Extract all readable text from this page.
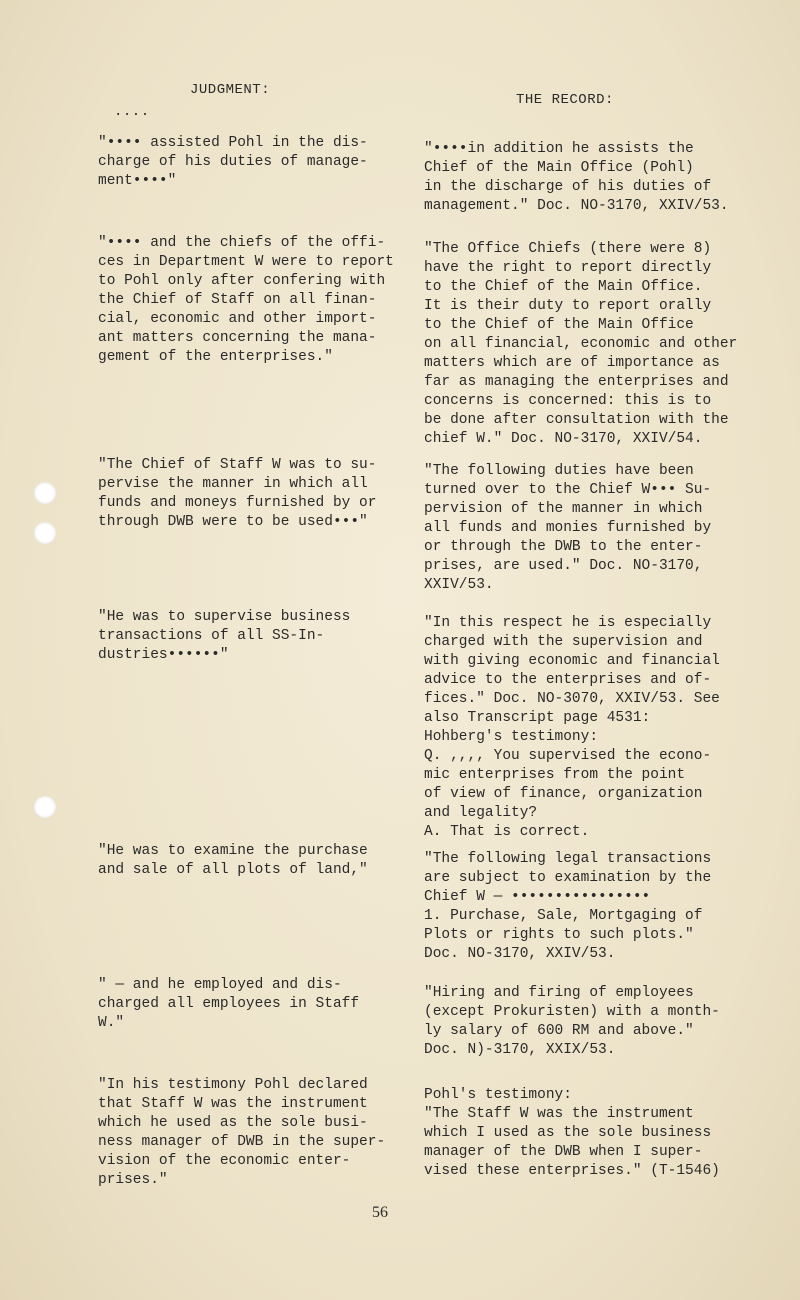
JUDGMENT:
....
THE RECORD:
"•••• assisted Pohl in the dis-
charge of his duties of manage-
ment••••"
"••••in addition he assists the
Chief of the Main Office (Pohl)
in the discharge of his duties of
management." Doc. NO-3170, XXIV/53.
"•••• and the chiefs of the offi-
ces in Department W were to report
to Pohl only after confering with
the Chief of Staff on all finan-
cial, economic and other import-
ant matters concerning the mana-
gement of the enterprises."
"The Office Chiefs (there were 8)
have the right to report directly
to the Chief of the Main Office.
It is their duty to report orally
to the Chief of the Main Office
on all financial, economic and other
matters which are of importance as
far as managing the enterprises and
concerns is concerned: this is to
be done after consultation with the
chief W." Doc. NO-3170, XXIV/54.
"The Chief of Staff W was to su-
pervise the manner in which all
funds and moneys furnished by or
through DWB were to be used•••"
"The following duties have been
turned over to the Chief W••• Su-
pervision of the manner in which
all funds and monies furnished by
or through the DWB to the enter-
prises, are used." Doc. NO-3170,
XXIV/53.
"He was to supervise business
transactions of all SS-In-
dustries••••••"
"In this respect he is especially
charged with the supervision and
with giving economic and financial
advice to the enterprises and of-
fices." Doc. NO-3070, XXIV/53. See
also Transcript page 4531:
Hohberg's testimony:
Q. ,,,, You supervised the econo-
mic enterprises from the point
of view of finance, organization
and legality?
A. That is correct.
"He was to examine the purchase
and sale of all plots of land,"
"The following legal transactions
are subject to examination by the
Chief W — ••••••••••••••••
1. Purchase, Sale, Mortgaging of
Plots or rights to such plots."
Doc. NO-3170, XXIV/53.
" — and he employed and dis-
charged all employees in Staff
W."
"Hiring and firing of employees
(except Prokuristen) with a month-
ly salary of 600 RM and above."
Doc. N)-3170, XXIX/53.
"In his testimony Pohl declared
that Staff W was the instrument
which he used as the sole busi-
ness manager of DWB in the super-
vision of the economic enter-
prises."
Pohl's testimony:
"The Staff W was the instrument
which I used as the sole business
manager of the DWB when I super-
vised these enterprises." (T-1546)
56
